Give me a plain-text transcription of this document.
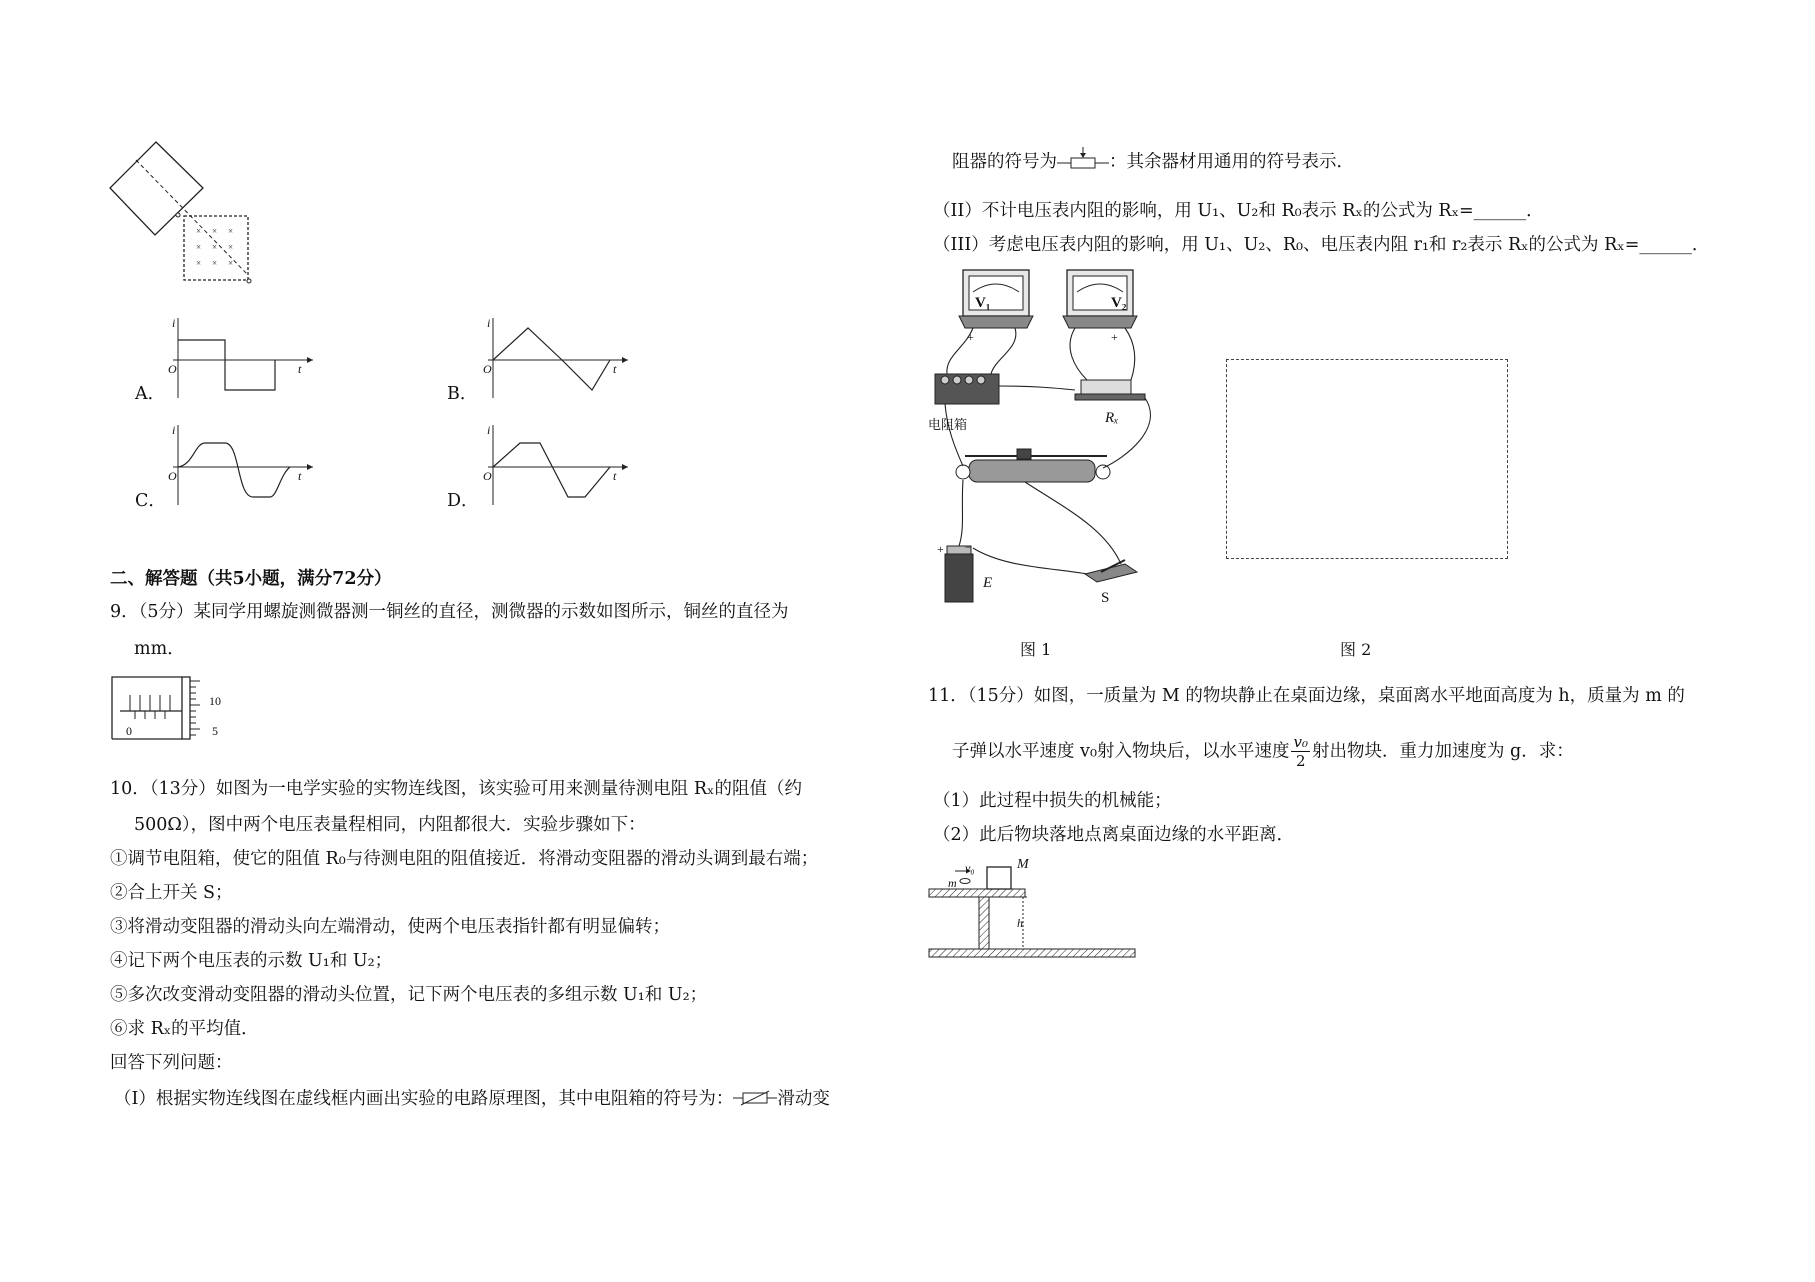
× × ×
× × ×
× × ×
i
t
O
A．
i
t
O
B．
i
t
O
C．
i
t
O
D．
二、解答题（共5小题，满分72分）
9．（5分）某同学用螺旋测微器测一铜丝的直径，测微器的示数如图所示，铜丝的直径为
mm．
10
5
0
10．（13分）如图为一电学实验的实物连线图，该实验可用来测量待测电阻 Rₓ的阻值（约
500Ω），图中两个电压表量程相同，内阻都很大．实验步骤如下：
①调节电阻箱，使它的阻值 R₀与待测电阻的阻值接近．将滑动变阻器的滑动头调到最右端；
②合上开关 S；
③将滑动变阻器的滑动头向左端滑动，使两个电压表指针都有明显偏转；
④记下两个电压表的示数 U₁和 U₂；
⑤多次改变滑动变阻器的滑动头位置，记下两个电压表的多组示数 U₁和 U₂；
⑥求 Rₓ的平均值．
回答下列问题：
（I）根据实物连线图在虚线框内画出实验的电路原理图，其中电阻箱的符号为：	滑动变
阻器的符号为	：其余器材用通用的符号表示．
（II）不计电压表内阻的影响，用 U₁、U₂和 R₀表示 Rₓ的公式为 Rₓ=______．
（III）考虑电压表内阻的影响，用 U₁、U₂、R₀、电压表内阻 r₁和 r₂表示 Rₓ的公式为 Rₓ=______．
V₁	V₂
+	+
+ −
电阻箱	Rₓ
E
S
图 1	图 2
11．（15分）如图，一质量为 M 的物块静止在桌面边缘，桌面离水平地面高度为 h，质量为 m 的
子弹以水平速度 v₀射入物块后，以水平速度 $\frac{\text{v₀}}{2}$ 射出物块．重力加速度为 g．求：
（1）此过程中损失的机械能；
（2）此后物块落地点离桌面边缘的水平距离．
M
v₀
m
h
